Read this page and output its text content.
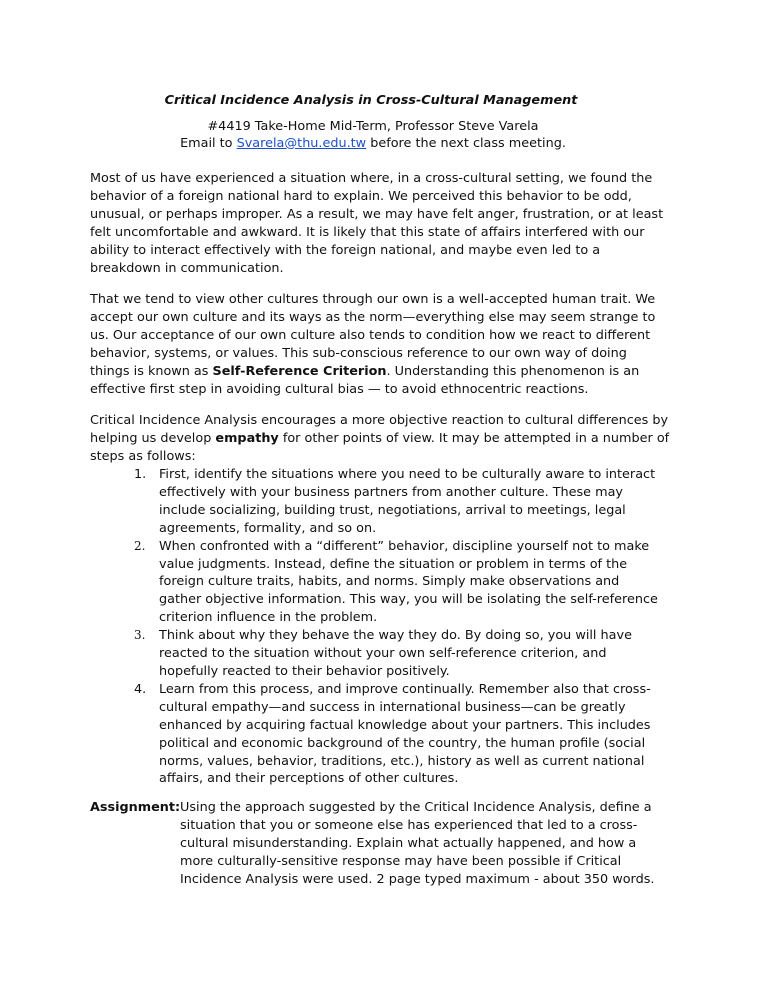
Critical Incidence Analysis in Cross-Cultural Management
#4419 Take-Home Mid-Term, Professor Steve Varela
Email to Svarela@thu.edu.tw before the next class meeting.
Most of us have experienced a situation where, in a cross-cultural setting, we found the behavior of a foreign national hard to explain. We perceived this behavior to be odd, unusual, or perhaps improper. As a result, we may have felt anger, frustration, or at least felt uncomfortable and awkward. It is likely that this state of affairs interfered with our ability to interact effectively with the foreign national, and maybe even led to a breakdown in communication.
That we tend to view other cultures through our own is a well-accepted human trait. We accept our own culture and its ways as the norm—everything else may seem strange to us. Our acceptance of our own culture also tends to condition how we react to different behavior, systems, or values. This sub-conscious reference to our own way of doing things is known as Self-Reference Criterion. Understanding this phenomenon is an effective first step in avoiding cultural bias — to avoid ethnocentric reactions.
Critical Incidence Analysis encourages a more objective reaction to cultural differences by helping us develop empathy for other points of view. It may be attempted in a number of steps as follows:
1. First, identify the situations where you need to be culturally aware to interact effectively with your business partners from another culture. These may include socializing, building trust, negotiations, arrival to meetings, legal agreements, formality, and so on.
2.	When confronted with a “different” behavior, discipline yourself not to make value judgments. Instead, define the situation or problem in terms of the foreign culture traits, habits, and norms. Simply make observations and gather objective information. This way, you will be isolating the self-reference criterion influence in the problem.
3.	Think about why they behave the way they do. By doing so, you will have reacted to the situation without your own self-reference criterion, and hopefully reacted to their behavior positively.
4. Learn from this process, and improve continually. Remember also that cross-cultural empathy—and success in international business—can be greatly enhanced by acquiring factual knowledge about your partners. This includes political and economic background of the country, the human profile (social norms, values, behavior, traditions, etc.), history as well as current national affairs, and their perceptions of other cultures.
Assignment: Using the approach suggested by the Critical Incidence Analysis, define a situation that you or someone else has experienced that led to a cross-cultural misunderstanding. Explain what actually happened, and how a more culturally-sensitive response may have been possible if Critical Incidence Analysis were used. 2 page typed maximum - about 350 words.
